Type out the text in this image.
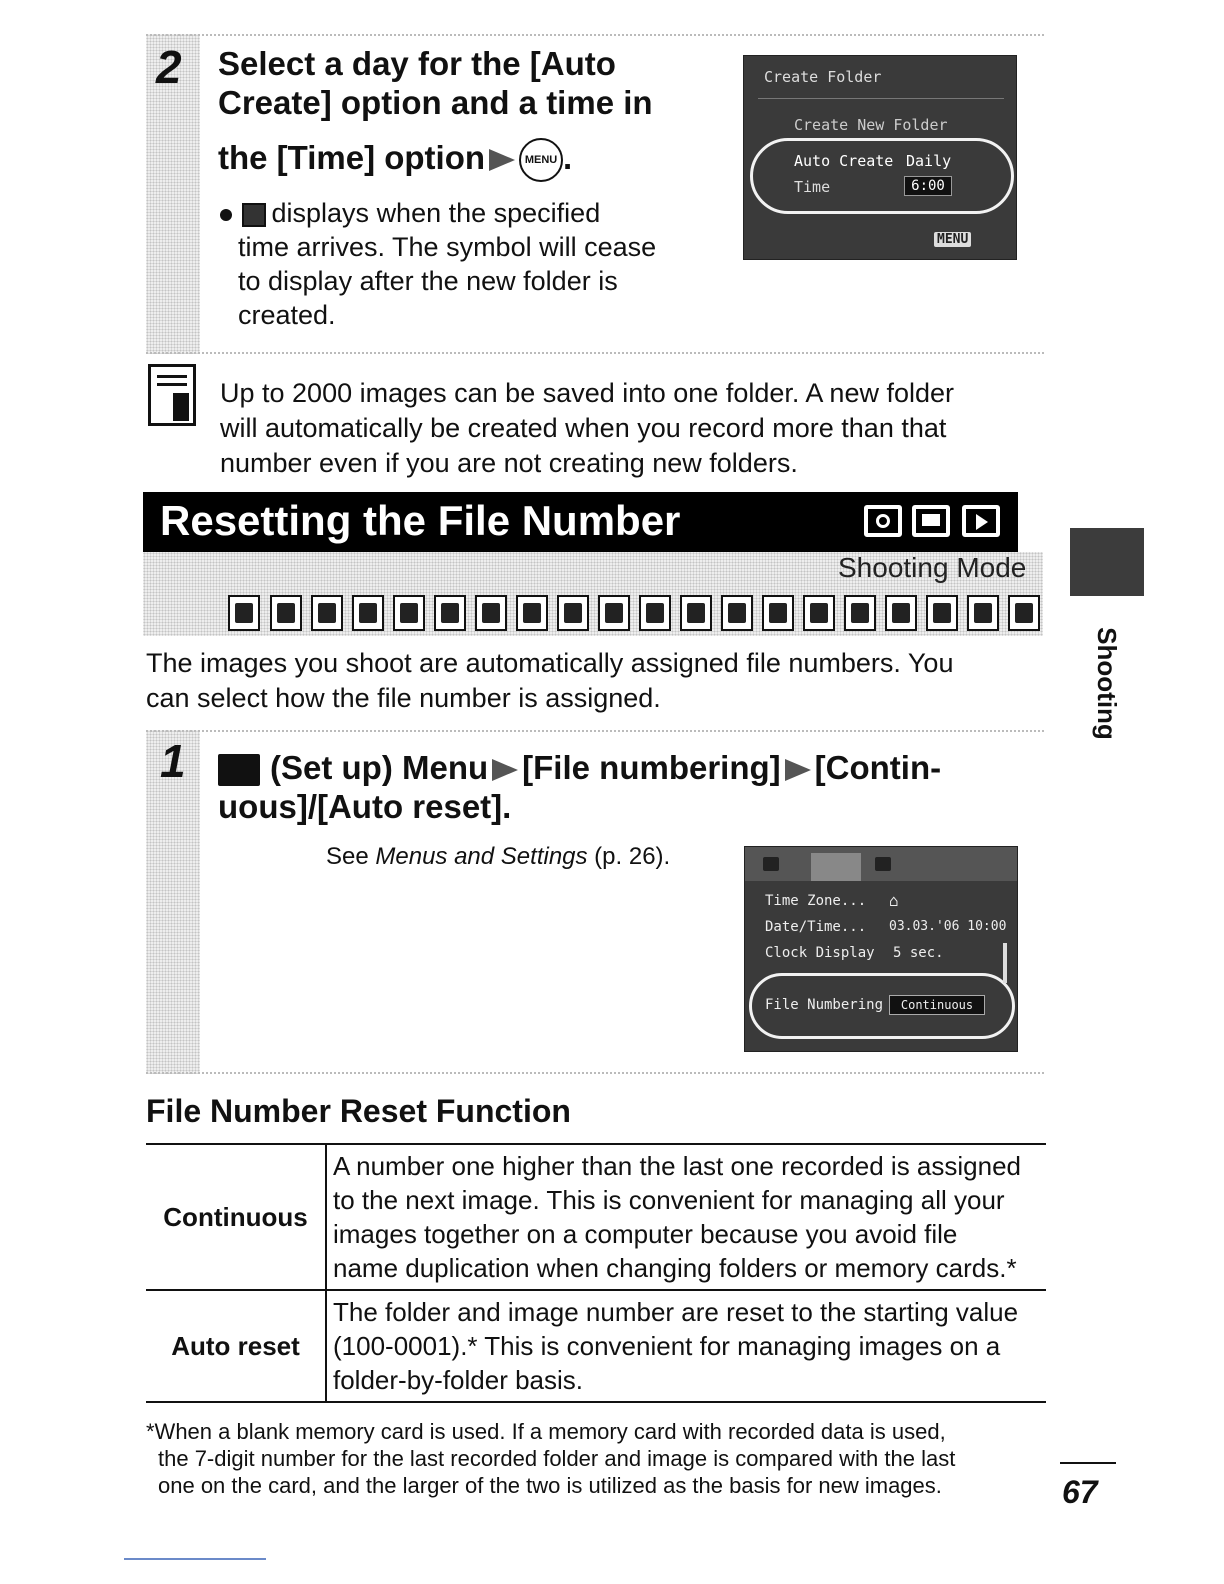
2 Select a day for the [Auto
Create] option and a time in
the [Time] option	MENU .
displays when the specified
time arrives. The symbol will cease
to display after the new folder is
created.
Create Folder
Create New Folder
Auto Create Daily
Time	6:00
MENU
Up to 2000 images can be saved into one folder. A new folder
will automatically be created when you record more than that
number even if you are not creating new folders.
Resetting the File Number
Shooting Mode
The images you shoot are automatically assigned file numbers. You
can select how the file number is assigned.
1	(Set up) Menu [File numbering] [Contin-
uous]/[Auto reset].
See Menus and Settings (p. 26).
Time Zone... ⌂
Date/Time... 03.03.'06 10:00
Clock Display 5 sec.
File Numbering	Continuous
File Number Reset Function
Continuous	A number one higher than the last one recorded is assigned
to the next image. This is convenient for managing all your
images together on a computer because you avoid file
name duplication when changing folders or memory cards.*

Auto reset	The folder and image number are reset to the starting value
(100-0001).* This is convenient for managing images on a
folder-by-folder basis.
*When a blank memory card is used. If a memory card with recorded data is used,
the 7-digit number for the last recorded folder and image is compared with the last
one on the card, and the larger of the two is utilized as the basis for new images.
Shooting
67
